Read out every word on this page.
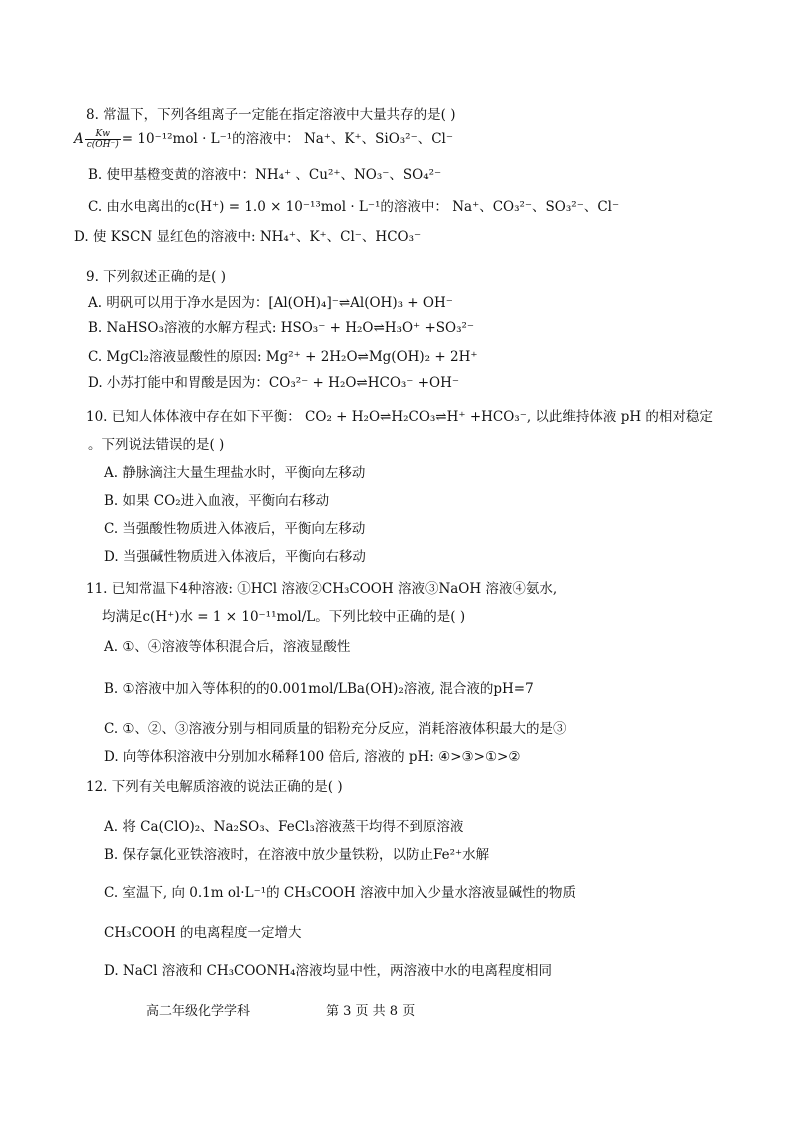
8. 常温下，下列各组离子一定能在指定溶液中大量共存的是( )
A $\frac{Kw}{c(OH^-)} = 10^{-12}mol \cdot L^{-1}$的溶液中： Na⁺、K⁺、SiO₃²⁻、Cl⁻
B. 使甲基橙变黄的溶液中：NH₄⁺ 、Cu²⁺、NO₃⁻、SO₄²⁻
C. 由水电离出的c(H⁺) = 1.0 × 10⁻¹³mol · L⁻¹的溶液中： Na⁺、CO₃²⁻、SO₃²⁻、Cl⁻
D. 使 KSCN 显红色的溶液中: NH₄⁺、K⁺、Cl⁻、HCO₃⁻
9. 下列叙述正确的是( )
A. 明矾可以用于净水是因为：[Al(OH)₄]⁻⇌Al(OH)₃ + OH⁻
B. NaHSO₃溶液的水解方程式: HSO₃⁻ + H₂O⇌H₃O⁺ +SO₃²⁻
C. MgCl₂溶液显酸性的原因: Mg²⁺ + 2H₂O⇌Mg(OH)₂ + 2H⁺
D. 小苏打能中和胃酸是因为：CO₃²⁻ + H₂O⇌HCO₃⁻ +OH⁻
10. 已知人体体液中存在如下平衡： CO₂ + H₂O⇌H₂CO₃⇌H⁺ +HCO₃⁻, 以此维持体液 pH 的相对稳定
。下列说法错误的是( )
A. 静脉滴注大量生理盐水时，平衡向左移动
B. 如果 CO₂进入血液，平衡向右移动
C. 当强酸性物质进入体液后，平衡向左移动
D. 当强碱性物质进入体液后，平衡向右移动
11. 已知常温下4种溶液: ①HCl 溶液②CH₃COOH 溶液③NaOH 溶液④氨水,
均满足c(H⁺)水 = 1 × 10⁻¹¹mol/L。下列比较中正确的是( )
A. ①、④溶液等体积混合后，溶液显酸性
B. ①溶液中加入等体积的的0.001mol/LBa(OH)₂溶液, 混合液的pH=7
C. ①、②、③溶液分别与相同质量的铝粉充分反应，消耗溶液体积最大的是③
D. 向等体积溶液中分别加水稀释100 倍后, 溶液的 pH: ④>③>①>②
12. 下列有关电解质溶液的说法正确的是( )
A. 将 Ca(ClO)₂、Na₂SO₃、FeCl₃溶液蒸干均得不到原溶液
B. 保存氯化亚铁溶液时，在溶液中放少量铁粉，以防止Fe²⁺水解
C. 室温下, 向 0.1m ol·L⁻¹的 CH₃COOH 溶液中加入少量水溶液显碱性的物质
CH₃COOH 的电离程度一定增大
D. NaCl 溶液和 CH₃COONH₄溶液均显中性，两溶液中水的电离程度相同
高二年级化学学科	第 3 页 共 8 页
